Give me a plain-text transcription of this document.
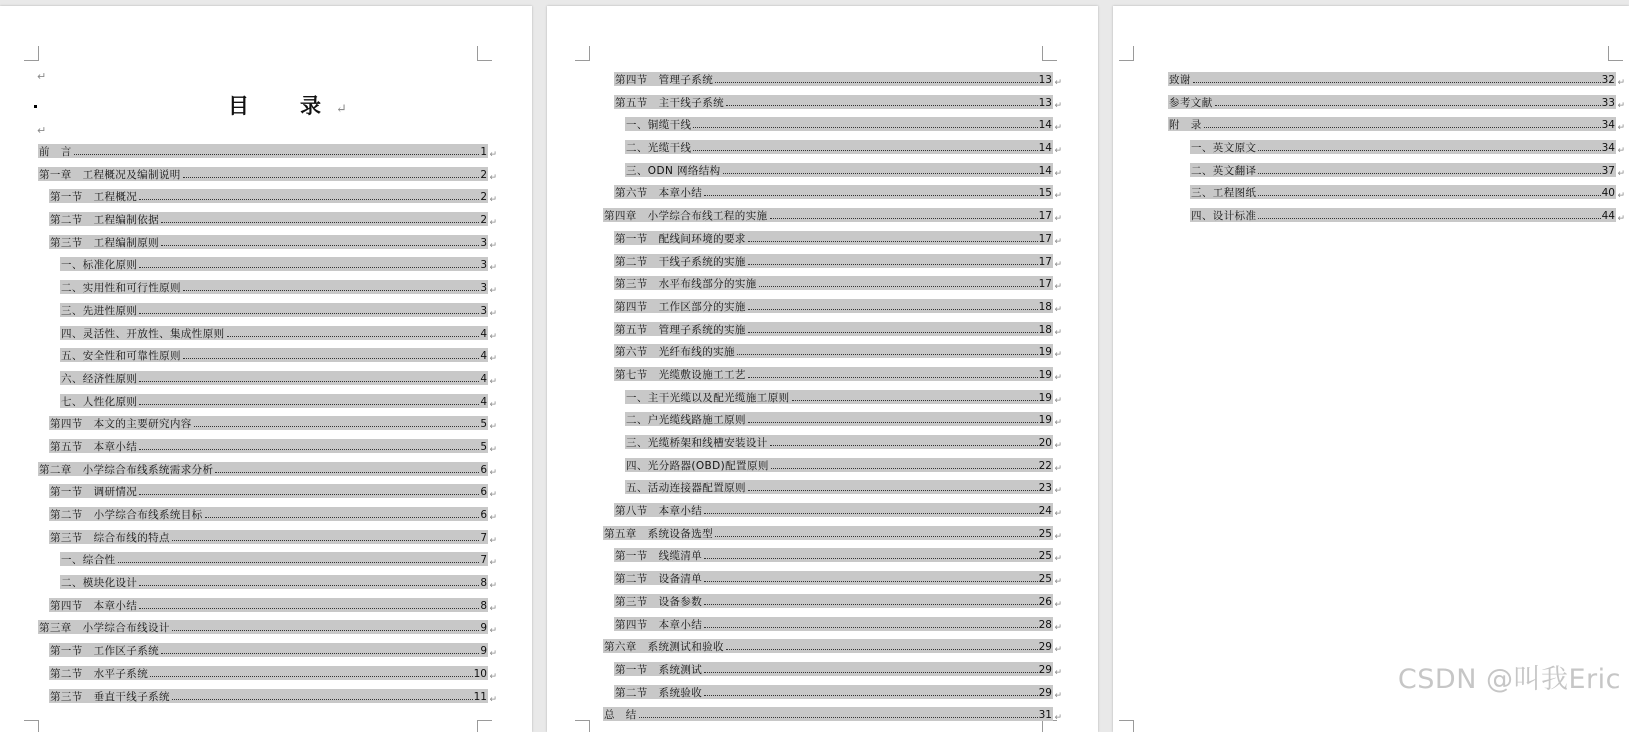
↵
目　录↵
↵
前　言	1 ↵
第一章　工程概况及编制说明	2 ↵
第一节　工程概况	2 ↵
第二节　工程编制依据	2 ↵
第三节　工程编制原则	3 ↵
一、标准化原则	3 ↵
二、实用性和可行性原则	3 ↵
三、先进性原则	3 ↵
四、灵活性、开放性、集成性原则	4 ↵
五、安全性和可靠性原则	4 ↵
六、经济性原则	4 ↵
七、人性化原则	4 ↵
第四节　本文的主要研究内容	5 ↵
第五节　本章小结	5 ↵
第二章　小学综合布线系统需求分析	6 ↵
第一节　调研情况	6 ↵
第二节　小学综合布线系统目标	6 ↵
第三节　综合布线的特点	7 ↵
一、综合性	7 ↵
二、模块化设计	8 ↵
第四节　本章小结	8 ↵
第三章　小学综合布线设计	9 ↵
第一节　工作区子系统	9 ↵
第二节　水平子系统	10 ↵
第三节　垂直干线子系统	11 ↵
第四节　管理子系统	13 ↵
第五节　主干线子系统	13 ↵
一、铜缆干线	14 ↵
二、光缆干线	14 ↵
三、ODN 网络结构	14 ↵
第六节　本章小结	15 ↵
第四章　小学综合布线工程的实施	17 ↵
第一节　配线间环境的要求	17 ↵
第二节　干线子系统的实施	17 ↵
第三节　水平布线部分的实施	17 ↵
第四节　工作区部分的实施	18 ↵
第五节　管理子系统的实施	18 ↵
第六节　光纤布线的实施	19 ↵
第七节　光缆敷设施工工艺	19 ↵
一、主干光缆以及配光缆施工原则	19 ↵
二、户光缆线路施工原则	19 ↵
三、光缆桥架和线槽安装设计	20 ↵
四、光分路器(OBD)配置原则	22 ↵
五、活动连接器配置原则	23 ↵
第八节　本章小结	24 ↵
第五章　系统设备选型	25 ↵
第一节　线缆清单	25 ↵
第二节　设备清单	25 ↵
第三节　设备参数	26 ↵
第四节　本章小结	28 ↵
第六章　系统测试和验收	29 ↵
第一节　系统测试	29 ↵
第二节　系统验收	29 ↵
总　结	31 ↵
致谢	32 ↵
参考文献	33 ↵
附　录	34 ↵
一、英文原文	34 ↵
二、英文翻译	37 ↵
三、工程图纸	40 ↵
四、设计标准	44 ↵
CSDN @叫我Eric
